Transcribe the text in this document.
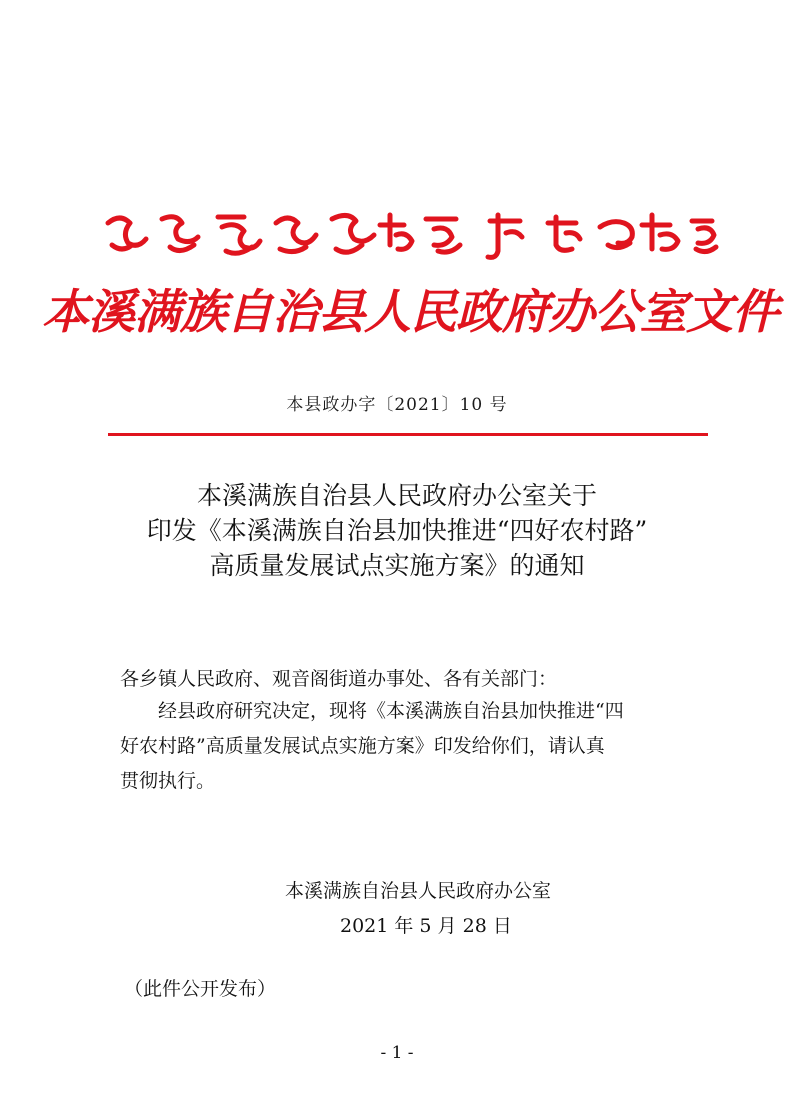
本溪满族自治县人民政府办公室文件
本县政办字〔2021〕10 号
本溪满族自治县人民政府办公室关于
印发《本溪满族自治县加快推进“四好农村路”
高质量发展试点实施方案》的通知
各乡镇人民政府、观音阁街道办事处、各有关部门：
经县政府研究决定，现将《本溪满族自治县加快推进“四
好农村路”高质量发展试点实施方案》印发给你们，请认真
贯彻执行。
本溪满族自治县人民政府办公室
2021 年 5 月 28 日
（此件公开发布）
- 1 -
